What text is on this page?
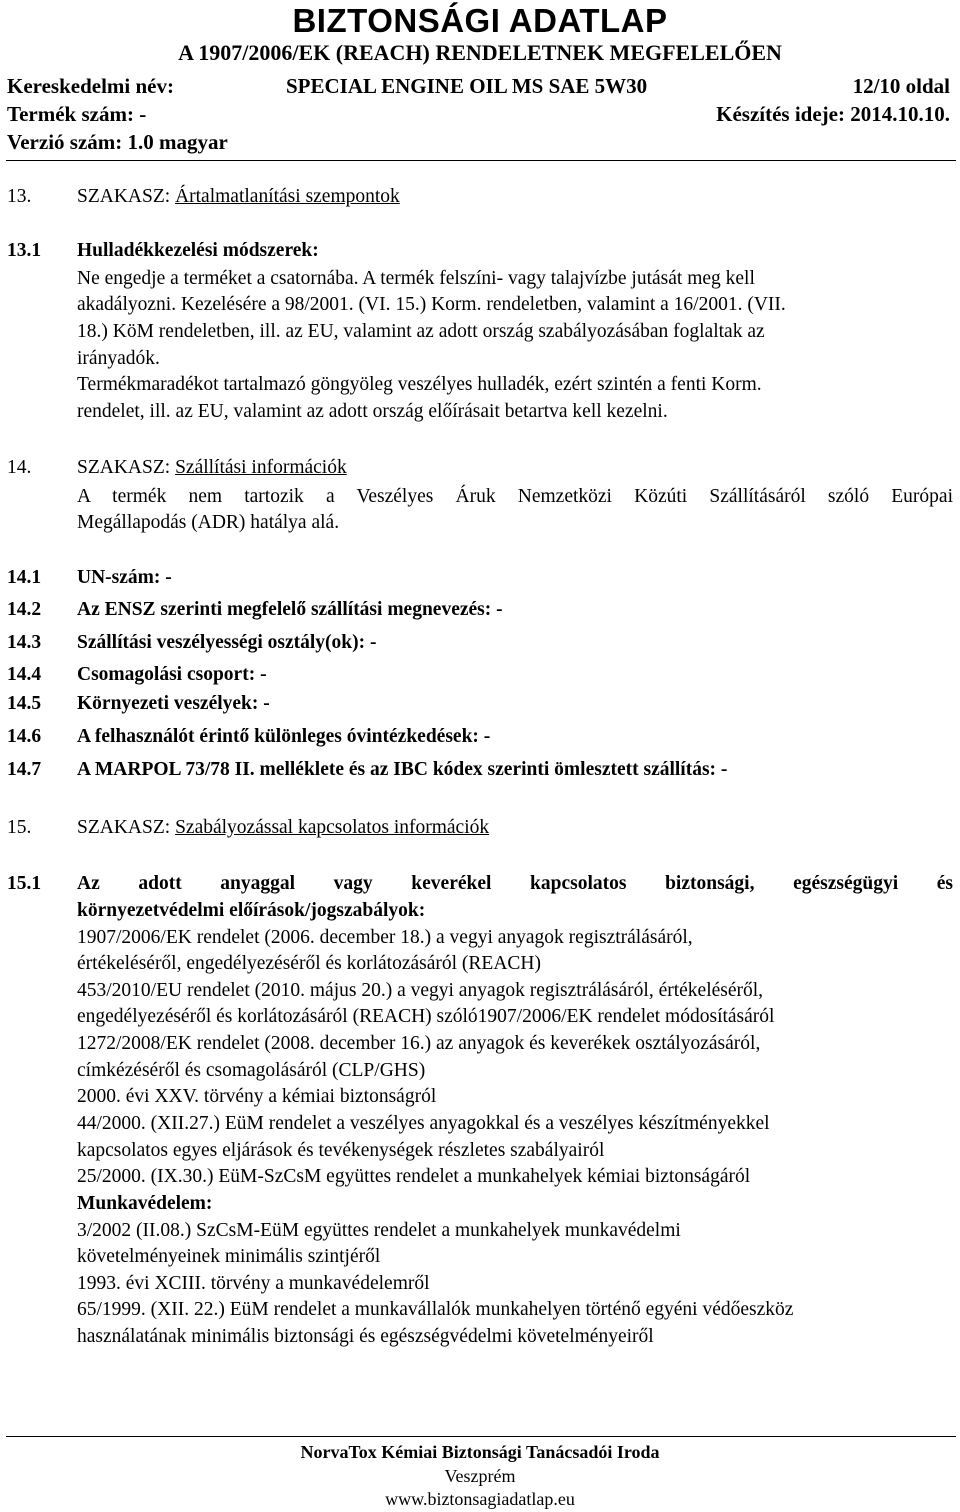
BIZTONSÁGI ADATLAP
A 1907/2006/EK (REACH) RENDELETNEK MEGFELELŐEN
Kereskedelmi név:	SPECIAL ENGINE OIL MS SAE 5W30	12/10 oldal
Termék szám: -	Készítés ideje: 2014.10.10.
Verzió szám: 1.0 magyar
13. SZAKASZ: Ártalmatlanítási szempontok
13.1 Hulladékkezelési módszerek:
Ne engedje a terméket a csatornába. A termék felszíni- vagy talajvízbe jutását meg kell
akadályozni. Kezelésére a 98/2001. (VI. 15.) Korm. rendeletben, valamint a 16/2001. (VII.
18.) KöM rendeletben, ill. az EU, valamint az adott ország szabályozásában foglaltak az
irányadók.
Termékmaradékot tartalmazó göngyöleg veszélyes hulladék, ezért szintén a fenti Korm.
rendelet, ill. az EU, valamint az adott ország előírásait betartva kell kezelni.
14. SZAKASZ: Szállítási információk
A termék nem tartozik a Veszélyes Áruk Nemzetközi Közúti Szállításáról szóló Európai
Megállapodás (ADR) hatálya alá.
14.1 UN-szám: -
14.2 Az ENSZ szerinti megfelelő szállítási megnevezés: -
14.3 Szállítási veszélyességi osztály(ok): -
14.4 Csomagolási csoport: -
14.5 Környezeti veszélyek: -
14.6 A felhasználót érintő különleges óvintézkedések: -
14.7 A MARPOL 73/78 II. melléklete és az IBC kódex szerinti ömlesztett szállítás: -
15. SZAKASZ: Szabályozással kapcsolatos információk
15.1 Az adott anyaggal vagy keverékel kapcsolatos biztonsági, egészségügyi és
környezetvédelmi előírások/jogszabályok:
1907/2006/EK rendelet (2006. december 18.) a vegyi anyagok regisztrálásáról,
értékeléséről, engedélyezéséről és korlátozásáról (REACH)
453/2010/EU rendelet (2010. május 20.) a vegyi anyagok regisztrálásáról, értékeléséről,
engedélyezéséről és korlátozásáról (REACH) szóló1907/2006/EK rendelet módosításáról
1272/2008/EK rendelet (2008. december 16.) az anyagok és keverékek osztályozásáról,
címkézéséről és csomagolásáról (CLP/GHS)
2000. évi XXV. törvény a kémiai biztonságról
44/2000. (XII.27.) EüM rendelet a veszélyes anyagokkal és a veszélyes készítményekkel
kapcsolatos egyes eljárások és tevékenységek részletes szabályairól
25/2000. (IX.30.) EüM-SzCsM együttes rendelet a munkahelyek kémiai biztonságáról
Munkavédelem:
3/2002 (II.08.) SzCsM-EüM együttes rendelet a munkahelyek munkavédelmi
követelményeinek minimális szintjéről
1993. évi XCIII. törvény a munkavédelemről
65/1999. (XII. 22.) EüM rendelet a munkavállalók munkahelyen történő egyéni védőeszköz
használatának minimális biztonsági és egészségvédelmi követelményeiről
NorvaTox Kémiai Biztonsági Tanácsadói Iroda
Veszprém
www.biztonsagiadatlap.eu
